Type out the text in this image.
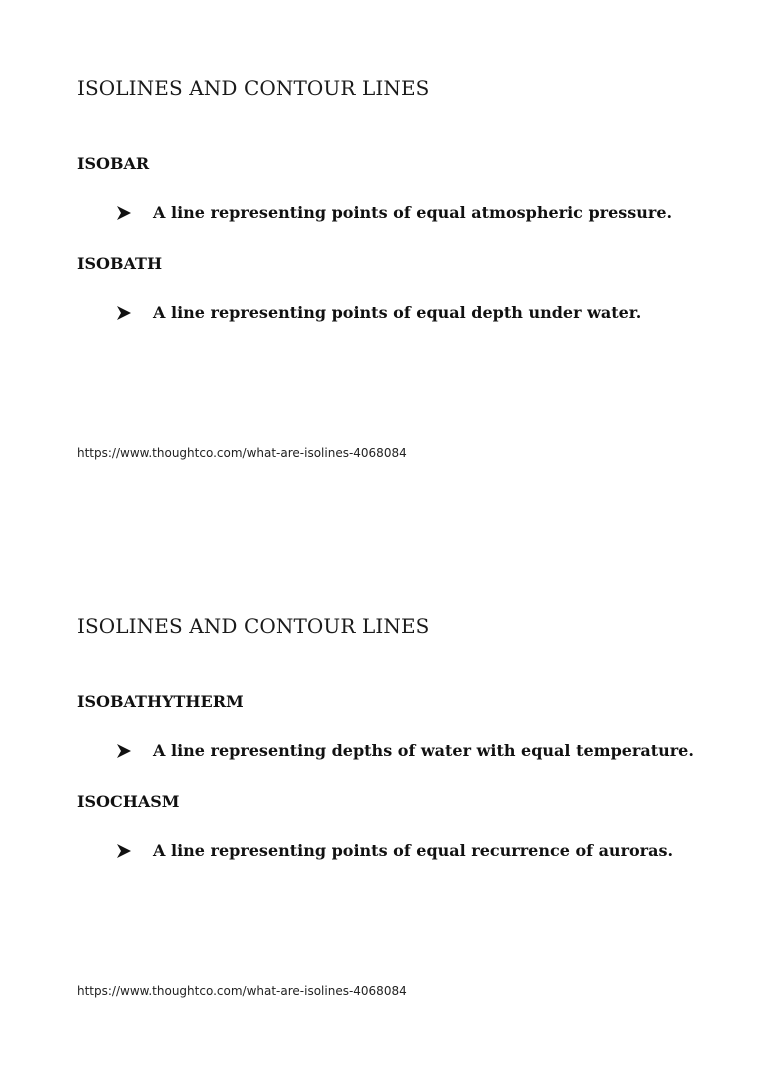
ISOLINES AND CONTOUR LINES
ISOBAR
A line representing points of equal atmospheric pressure.
ISOBATH
A line representing points of equal depth under water.
https://www.thoughtco.com/what-are-isolines-4068084
ISOLINES AND CONTOUR LINES
ISOBATHYTHERM
A line representing depths of water with equal temperature.
ISOCHASM
A line representing points of equal recurrence of auroras.
https://www.thoughtco.com/what-are-isolines-4068084
